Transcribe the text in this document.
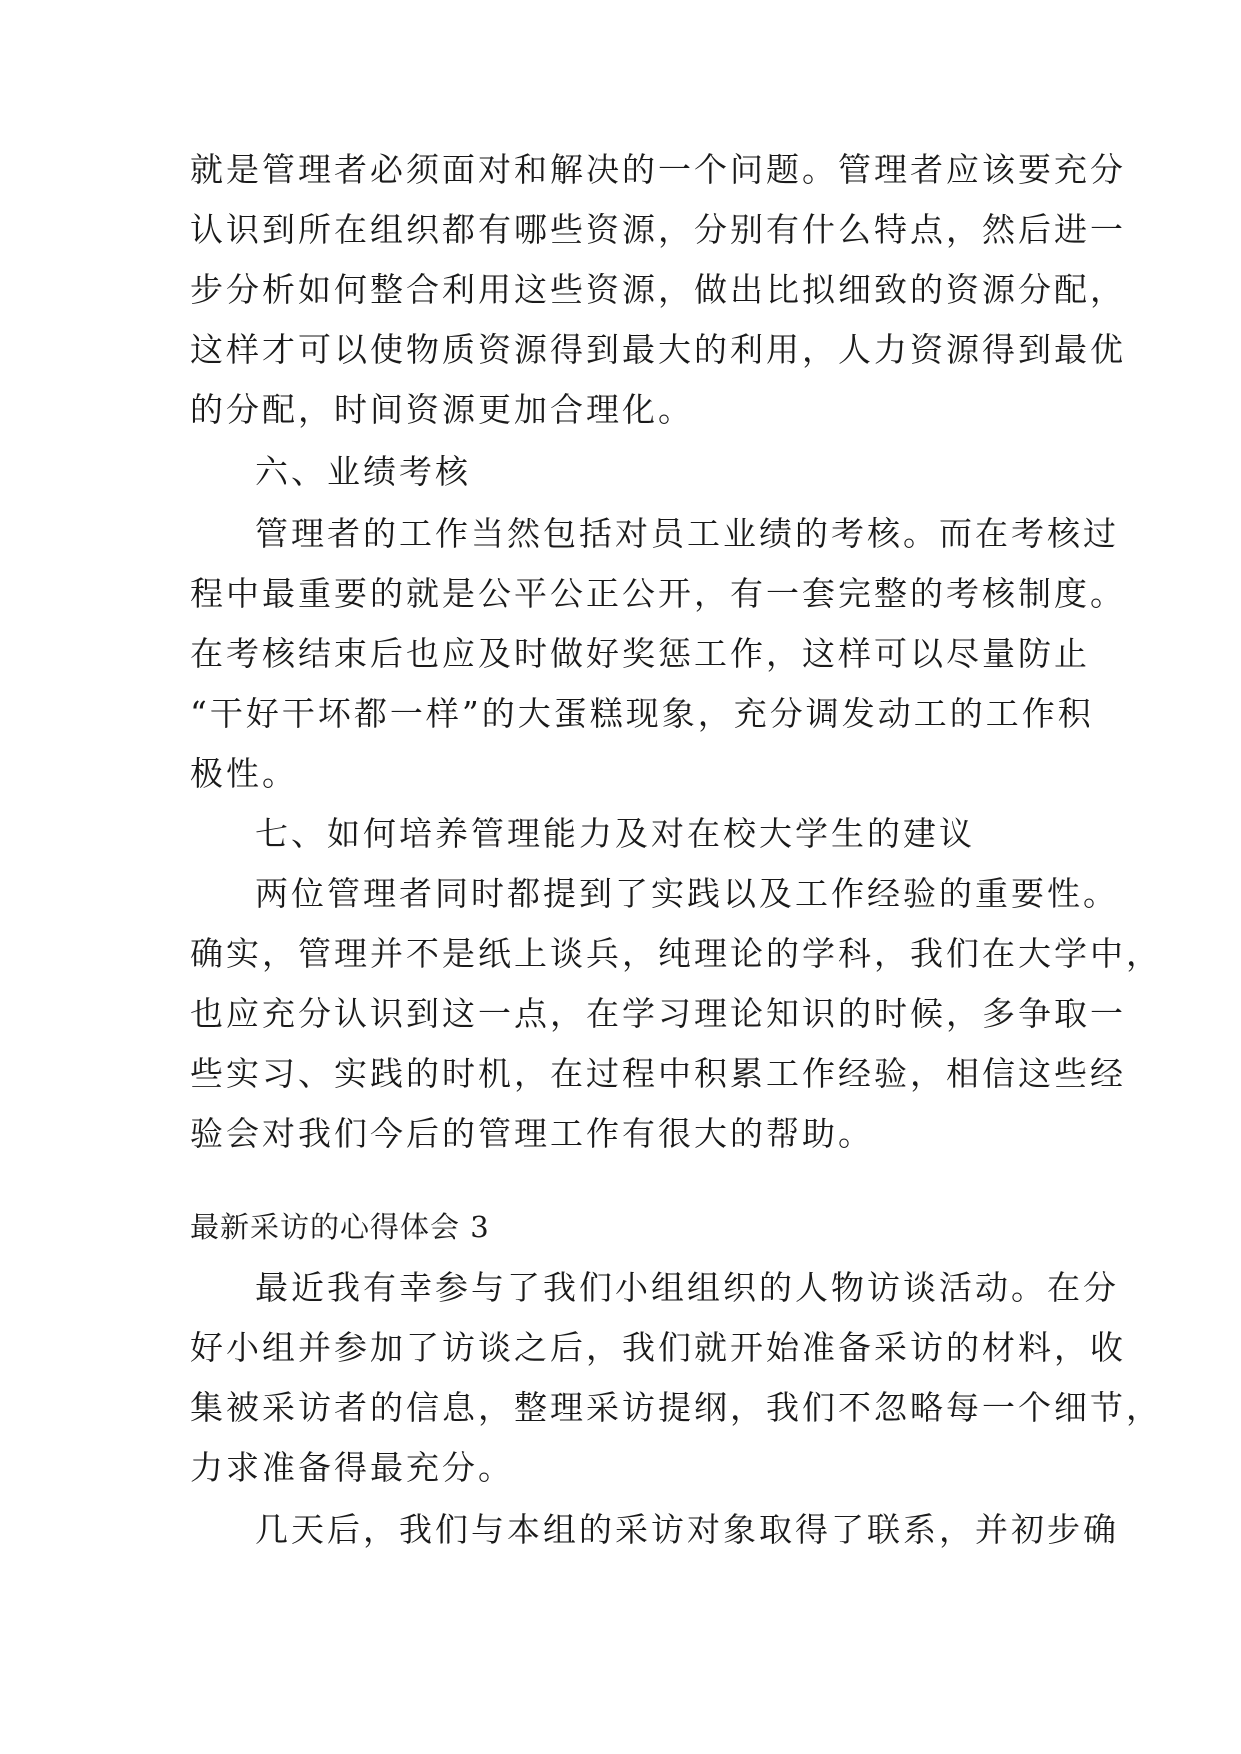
就是管理者必须面对和解决的一个问题。管理者应该要充分
认识到所在组织都有哪些资源，分别有什么特点，然后进一
步分析如何整合利用这些资源，做出比拟细致的资源分配，
这样才可以使物质资源得到最大的利用，人力资源得到最优
的分配，时间资源更加合理化。
六、业绩考核
管理者的工作当然包括对员工业绩的考核。而在考核过
程中最重要的就是公平公正公开，有一套完整的考核制度。
在考核结束后也应及时做好奖惩工作，这样可以尽量防止
“干好干坏都一样”的大蛋糕现象，充分调发动工的工作积
极性。
七、如何培养管理能力及对在校大学生的建议
两位管理者同时都提到了实践以及工作经验的重要性。
确实，管理并不是纸上谈兵，纯理论的学科，我们在大学中，
也应充分认识到这一点，在学习理论知识的时候，多争取一
些实习、实践的时机，在过程中积累工作经验，相信这些经
验会对我们今后的管理工作有很大的帮助。
最新采访的心得体会 3
最近我有幸参与了我们小组组织的人物访谈活动。在分
好小组并参加了访谈之后，我们就开始准备采访的材料，收
集被采访者的信息，整理采访提纲，我们不忽略每一个细节，
力求准备得最充分。
几天后，我们与本组的采访对象取得了联系，并初步确
